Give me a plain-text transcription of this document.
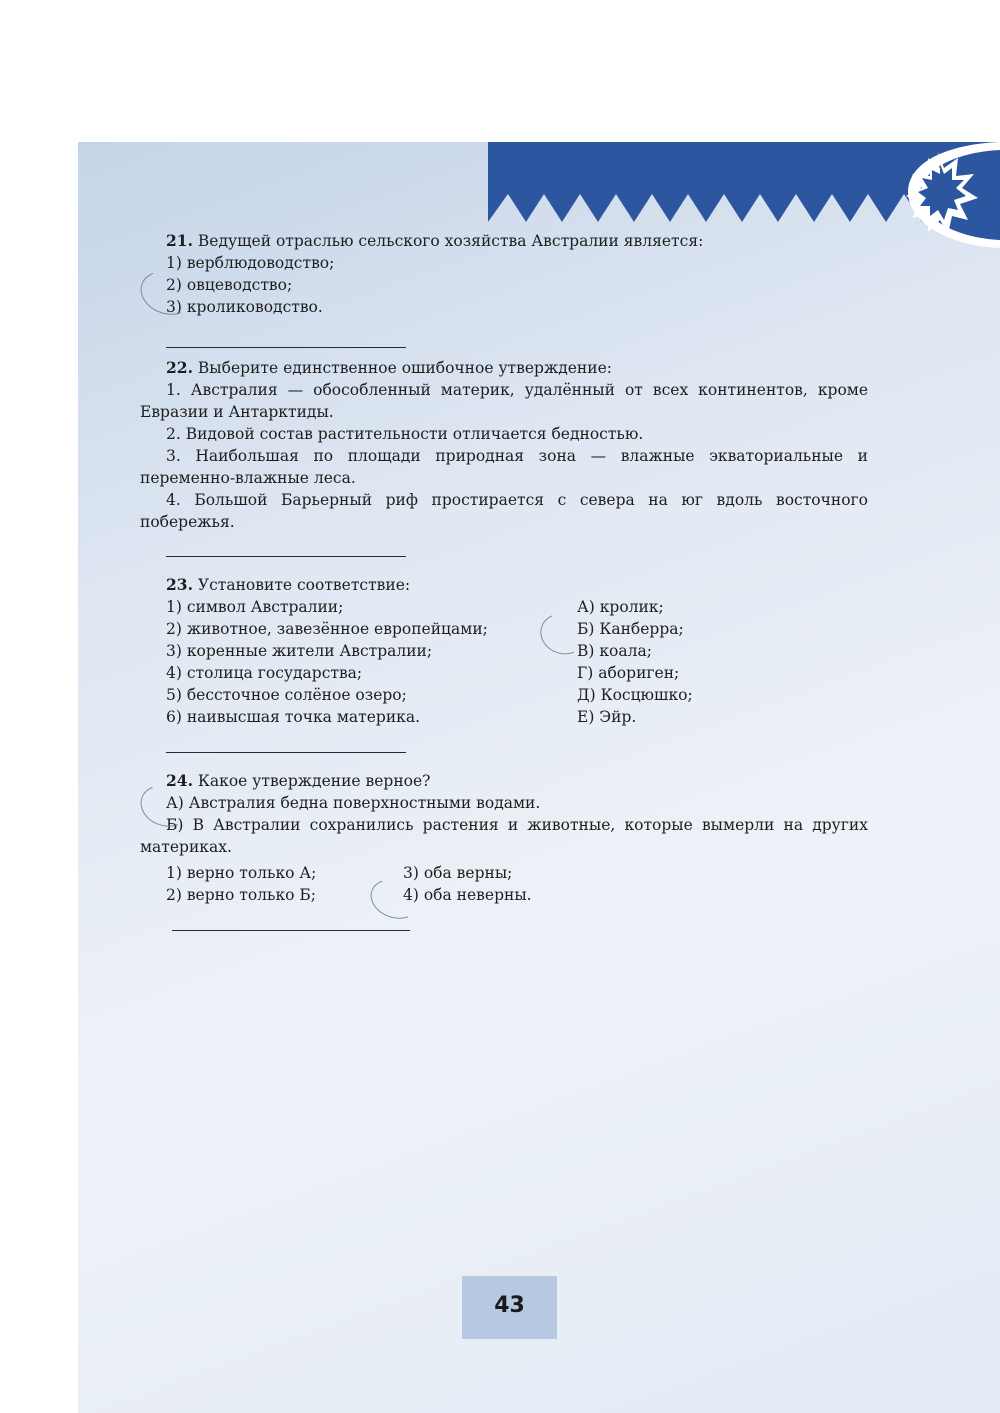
21. Ведущей отраслью сельского хозяйства Австралии является:
1) верблюдоводство;
2) овцеводство;
3) кролиководство.
22. Выберите единственное ошибочное утверждение:
1. Австралия — обособленный материк, удалённый от всех континентов, кроме Евразии и Антарктиды.
2. Видовой состав растительности отличается бедностью.
3. Наибольшая по площади природная зона — влажные экваториальные и переменно-влажные леса.
4. Большой Барьерный риф простирается с севера на юг вдоль восточного побережья.
23. Установите соответствие:
1) символ Австралии;
2) животное, завезённое европейцами;
3) коренные жители Австралии;
4) столица государства;
5) бессточное солёное озеро;
6) наивысшая точка материка.
А) кролик;
Б) Канберра;
В) коала;
Г) абориген;
Д) Косцюшко;
Е) Эйр.
24. Какое утверждение верное?
А) Австралия бедна поверхностными водами.
Б) В Австралии сохранились растения и животные, которые вымерли на других материках.
1) верно только А;
2) верно только Б;
3) оба верны;
4) оба неверны.
43
